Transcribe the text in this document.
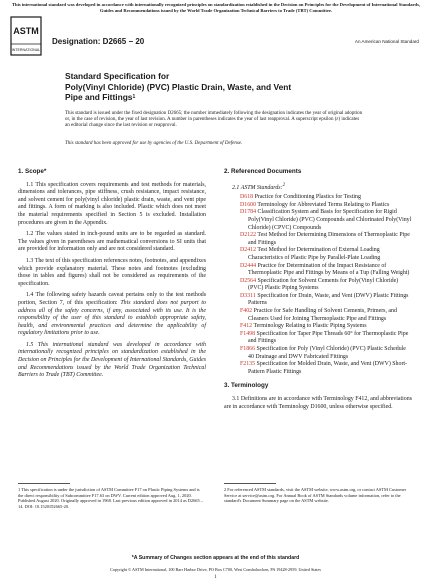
This international standard was developed in accordance with internationally recognized principles on standardization established in the Decision on Principles for the Development of International Standards, Guides and Recommendations issued by the World Trade Organization Technical Barriers to Trade (TBT) Committee.
ASTM
INTERNATIONAL
Designation: D2665 − 20	An American National Standard
Standard Specification for
Poly(Vinyl Chloride) (PVC) Plastic Drain, Waste, and Vent
Pipe and Fittings$^1$
This standard is issued under the fixed designation D2665; the number immediately following the designation indicates the year of original adoption or, in the case of revision, the year of last revision. A number in parentheses indicates the year of last reapproval. A superscript epsilon (ε) indicates an editorial change since the last revision or reapproval.
This standard has been approved for use by agencies of the U.S. Department of Defense.
1. Scope*

1.1 This specification covers requirements and test methods for materials, dimensions and tolerances, pipe stiffness, crush resistance, impact resistance, and solvent cement for poly(vinyl chloride) plastic drain, waste, and vent pipe and fittings. A form of marking is also included. Plastic which does not meet the material requirements specified in Section 5 is excluded. Installation procedures are given in the Appendix.

1.2 The values stated in inch-pound units are to be regarded as standard. The values given in parentheses are mathematical conversions to SI units that are provided for information only and are not considered standard.

1.3 The text of this specification references notes, footnotes, and appendixes which provide explanatory material. These notes and footnotes (excluding those in tables and figures) shall not be considered as requirements of the specification.

1.4 The following safety hazards caveat pertains only to the test methods portion, Section 7, of this specification: This standard does not purport to address all of the safety concerns, if any, associated with its use. It is the responsibility of the user of this standard to establish appropriate safety, health, and environmental practices and determine the applicability of regulatory limitations prior to use.

1.5 This international standard was developed in accordance with internationally recognized principles on standardization established in the Decision on Principles for the Development of International Standards, Guides and Recommendations issued by the World Trade Organization Technical Barriers to Trade (TBT) Committee.

2. Referenced Documents
2.1 ASTM Standards:$^2$
D618 Practice for Conditioning Plastics for Testing
D1600 Terminology for Abbreviated Terms Relating to Plastics
D1784 Classification System and Basis for Specification for Rigid Poly(Vinyl Chloride) (PVC) Compounds and Chlorinated Poly(Vinyl Chloride) (CPVC) Compounds
D2122 Test Method for Determining Dimensions of Thermoplastic Pipe and Fittings
D2412 Test Method for Determination of External Loading Characteristics of Plastic Pipe by Parallel-Plate Loading
D2444 Practice for Determination of the Impact Resistance of Thermoplastic Pipe and Fittings by Means of a Tup (Falling Weight)
D2564 Specification for Solvent Cements for Poly(Vinyl Chloride) (PVC) Plastic Piping Systems
D3311 Specification for Drain, Waste, and Vent (DWV) Plastic Fittings Patterns
F402 Practice for Safe Handling of Solvent Cements, Primers, and Cleaners Used for Joining Thermoplastic Pipe and Fittings
F412 Terminology Relating to Plastic Piping Systems
F1498 Specification for Taper Pipe Threads 60° for Thermoplastic Pipe and Fittings
F1866 Specification for Poly (Vinyl Chloride) (PVC) Plastic Schedule 40 Drainage and DWV Fabricated Fittings
F2135 Specification for Molded Drain, Waste, and Vent (DWV) Short-Pattern Plastic Fittings
3. Terminology

3.1 Definitions are in accordance with Terminology F412, and abbreviations are in accordance with Terminology D1600, unless otherwise specified.

1 This specification is under the jurisdiction of ASTM Committee F17 on Plastic Piping Systems and is the direct responsibility of Subcommittee F17.63 on DWV. Current edition approved Aug. 1, 2020. Published August 2020. Originally approved in 1968. Last previous edition approved in 2014 as D2665 – 14. DOI: 10.1520/D2665-20.
2 For referenced ASTM standards, visit the ASTM website, www.astm.org, or contact ASTM Customer Service at service@astm.org. For Annual Book of ASTM Standards volume information, refer to the standard's Document Summary page on the ASTM website.
*A Summary of Changes section appears at the end of this standard
Copyright © ASTM International, 100 Barr Harbor Drive, PO Box C700, West Conshohocken, PA 19428-2959. United States
1
